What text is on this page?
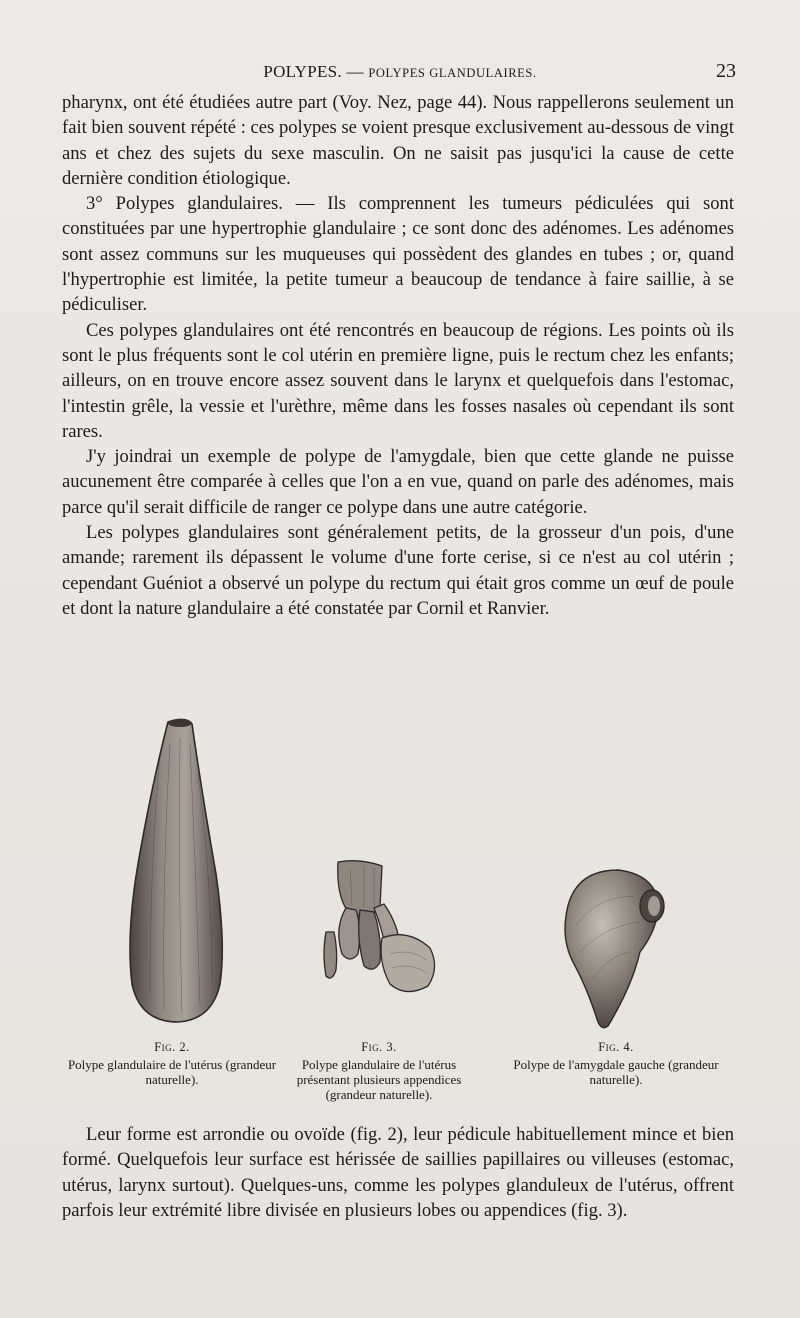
POLYPES. — POLYPES GLANDULAIRES.	23

pharynx, ont été étudiées autre part (Voy. Nez, page 44). Nous rappellerons seulement un fait bien souvent répété : ces polypes se voient presque exclusivement au-dessous de vingt ans et chez des sujets du sexe masculin. On ne saisit pas jusqu'ici la cause de cette dernière condition étiologique.

3° Polypes glandulaires. — Ils comprennent les tumeurs pédiculées qui sont constituées par une hypertrophie glandulaire ; ce sont donc des adénomes. Les adénomes sont assez communs sur les muqueuses qui possèdent des glandes en tubes ; or, quand l'hypertrophie est limitée, la petite tumeur a beaucoup de tendance à faire saillie, à se pédiculiser.

Ces polypes glandulaires ont été rencontrés en beaucoup de régions. Les points où ils sont le plus fréquents sont le col utérin en première ligne, puis le rectum chez les enfants; ailleurs, on en trouve encore assez souvent dans le larynx et quelquefois dans l'estomac, l'intestin grêle, la vessie et l'urèthre, même dans les fosses nasales où cependant ils sont rares.

J'y joindrai un exemple de polype de l'amygdale, bien que cette glande ne puisse aucunement être comparée à celles que l'on a en vue, quand on parle des adénomes, mais parce qu'il serait difficile de ranger ce polype dans une autre catégorie.

Les polypes glandulaires sont généralement petits, de la grosseur d'un pois, d'une amande; rarement ils dépassent le volume d'une forte cerise, si ce n'est au col utérin ; cependant Guéniot a observé un polype du rectum qui était gros comme un œuf de poule et dont la nature glandulaire a été constatée par Cornil et Ranvier.

Fig. 2.
Polype glandulaire de l'utérus (grandeur naturelle).
Fig. 3.
Polype glandulaire de l'utérus présentant plusieurs appendices (grandeur naturelle).
Fig. 4.
Polype de l'amygdale gauche (grandeur naturelle).

Leur forme est arrondie ou ovoïde (fig. 2), leur pédicule habituellement mince et bien formé. Quelquefois leur surface est hérissée de saillies papillaires ou villeuses (estomac, utérus, larynx surtout). Quelques-uns, comme les polypes glanduleux de l'utérus, offrent parfois leur extrémité libre divisée en plusieurs lobes ou appendices (fig. 3).
